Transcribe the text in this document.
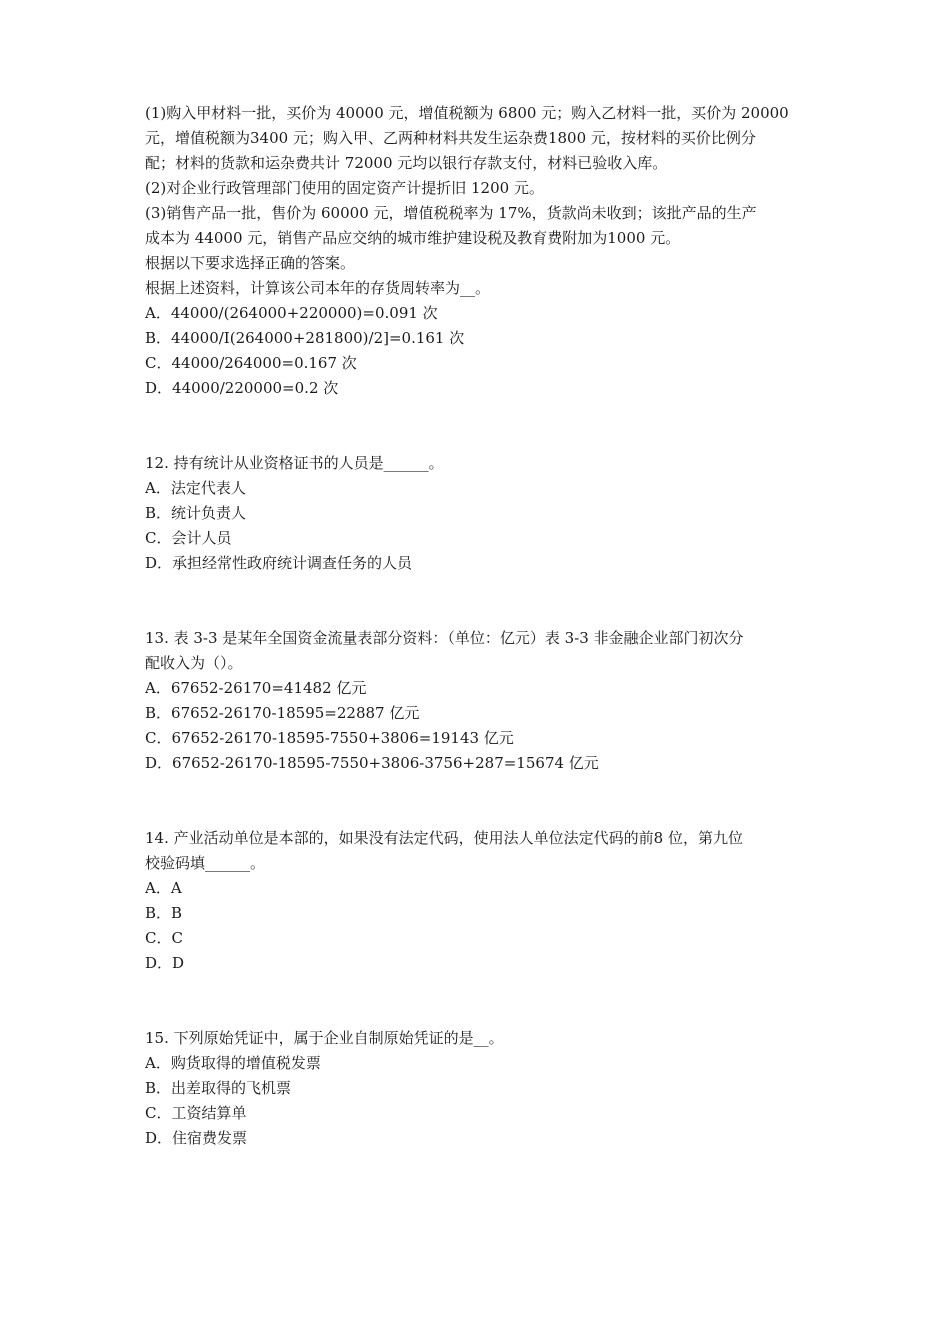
(1)购入甲材料一批，买价为 40000 元，增值税额为 6800 元；购入乙材料一批，买价为 20000
元，增值税额为3400 元；购入甲、乙两种材料共发生运杂费1800 元，按材料的买价比例分
配；材料的货款和运杂费共计 72000 元均以银行存款支付，材料已验收入库。
(2)对企业行政管理部门使用的固定资产计提折旧 1200 元。
(3)销售产品一批，售价为 60000 元，增值税税率为 17%，货款尚未收到；该批产品的生产
成本为 44000 元，销售产品应交纳的城市维护建设税及教育费附加为1000 元。
根据以下要求选择正确的答案。
根据上述资料，计算该公司本年的存货周转率为__。
A．44000/(264000+220000)=0.091 次
B．44000/I(264000+281800)/2]=0.161 次
C．44000/264000=0.167 次
D．44000/220000=0.2 次
12. 持有统计从业资格证书的人员是______。
A．法定代表人
B．统计负责人
C．会计人员
D．承担经常性政府统计调查任务的人员
13. 表 3-3 是某年全国资金流量表部分资料：（单位：亿元）表 3-3 非金融企业部门初次分
配收入为（）。
A．67652-26170=41482 亿元
B．67652-26170-18595=22887 亿元
C．67652-26170-18595-7550+3806=19143 亿元
D．67652-26170-18595-7550+3806-3756+287=15674 亿元
14. 产业活动单位是本部的，如果没有法定代码，使用法人单位法定代码的前8 位，第九位
校验码填______。
A．A
B．B
C．C
D．D
15. 下列原始凭证中，属于企业自制原始凭证的是__。
A．购货取得的增值税发票
B．出差取得的飞机票
C．工资结算单
D．住宿费发票
